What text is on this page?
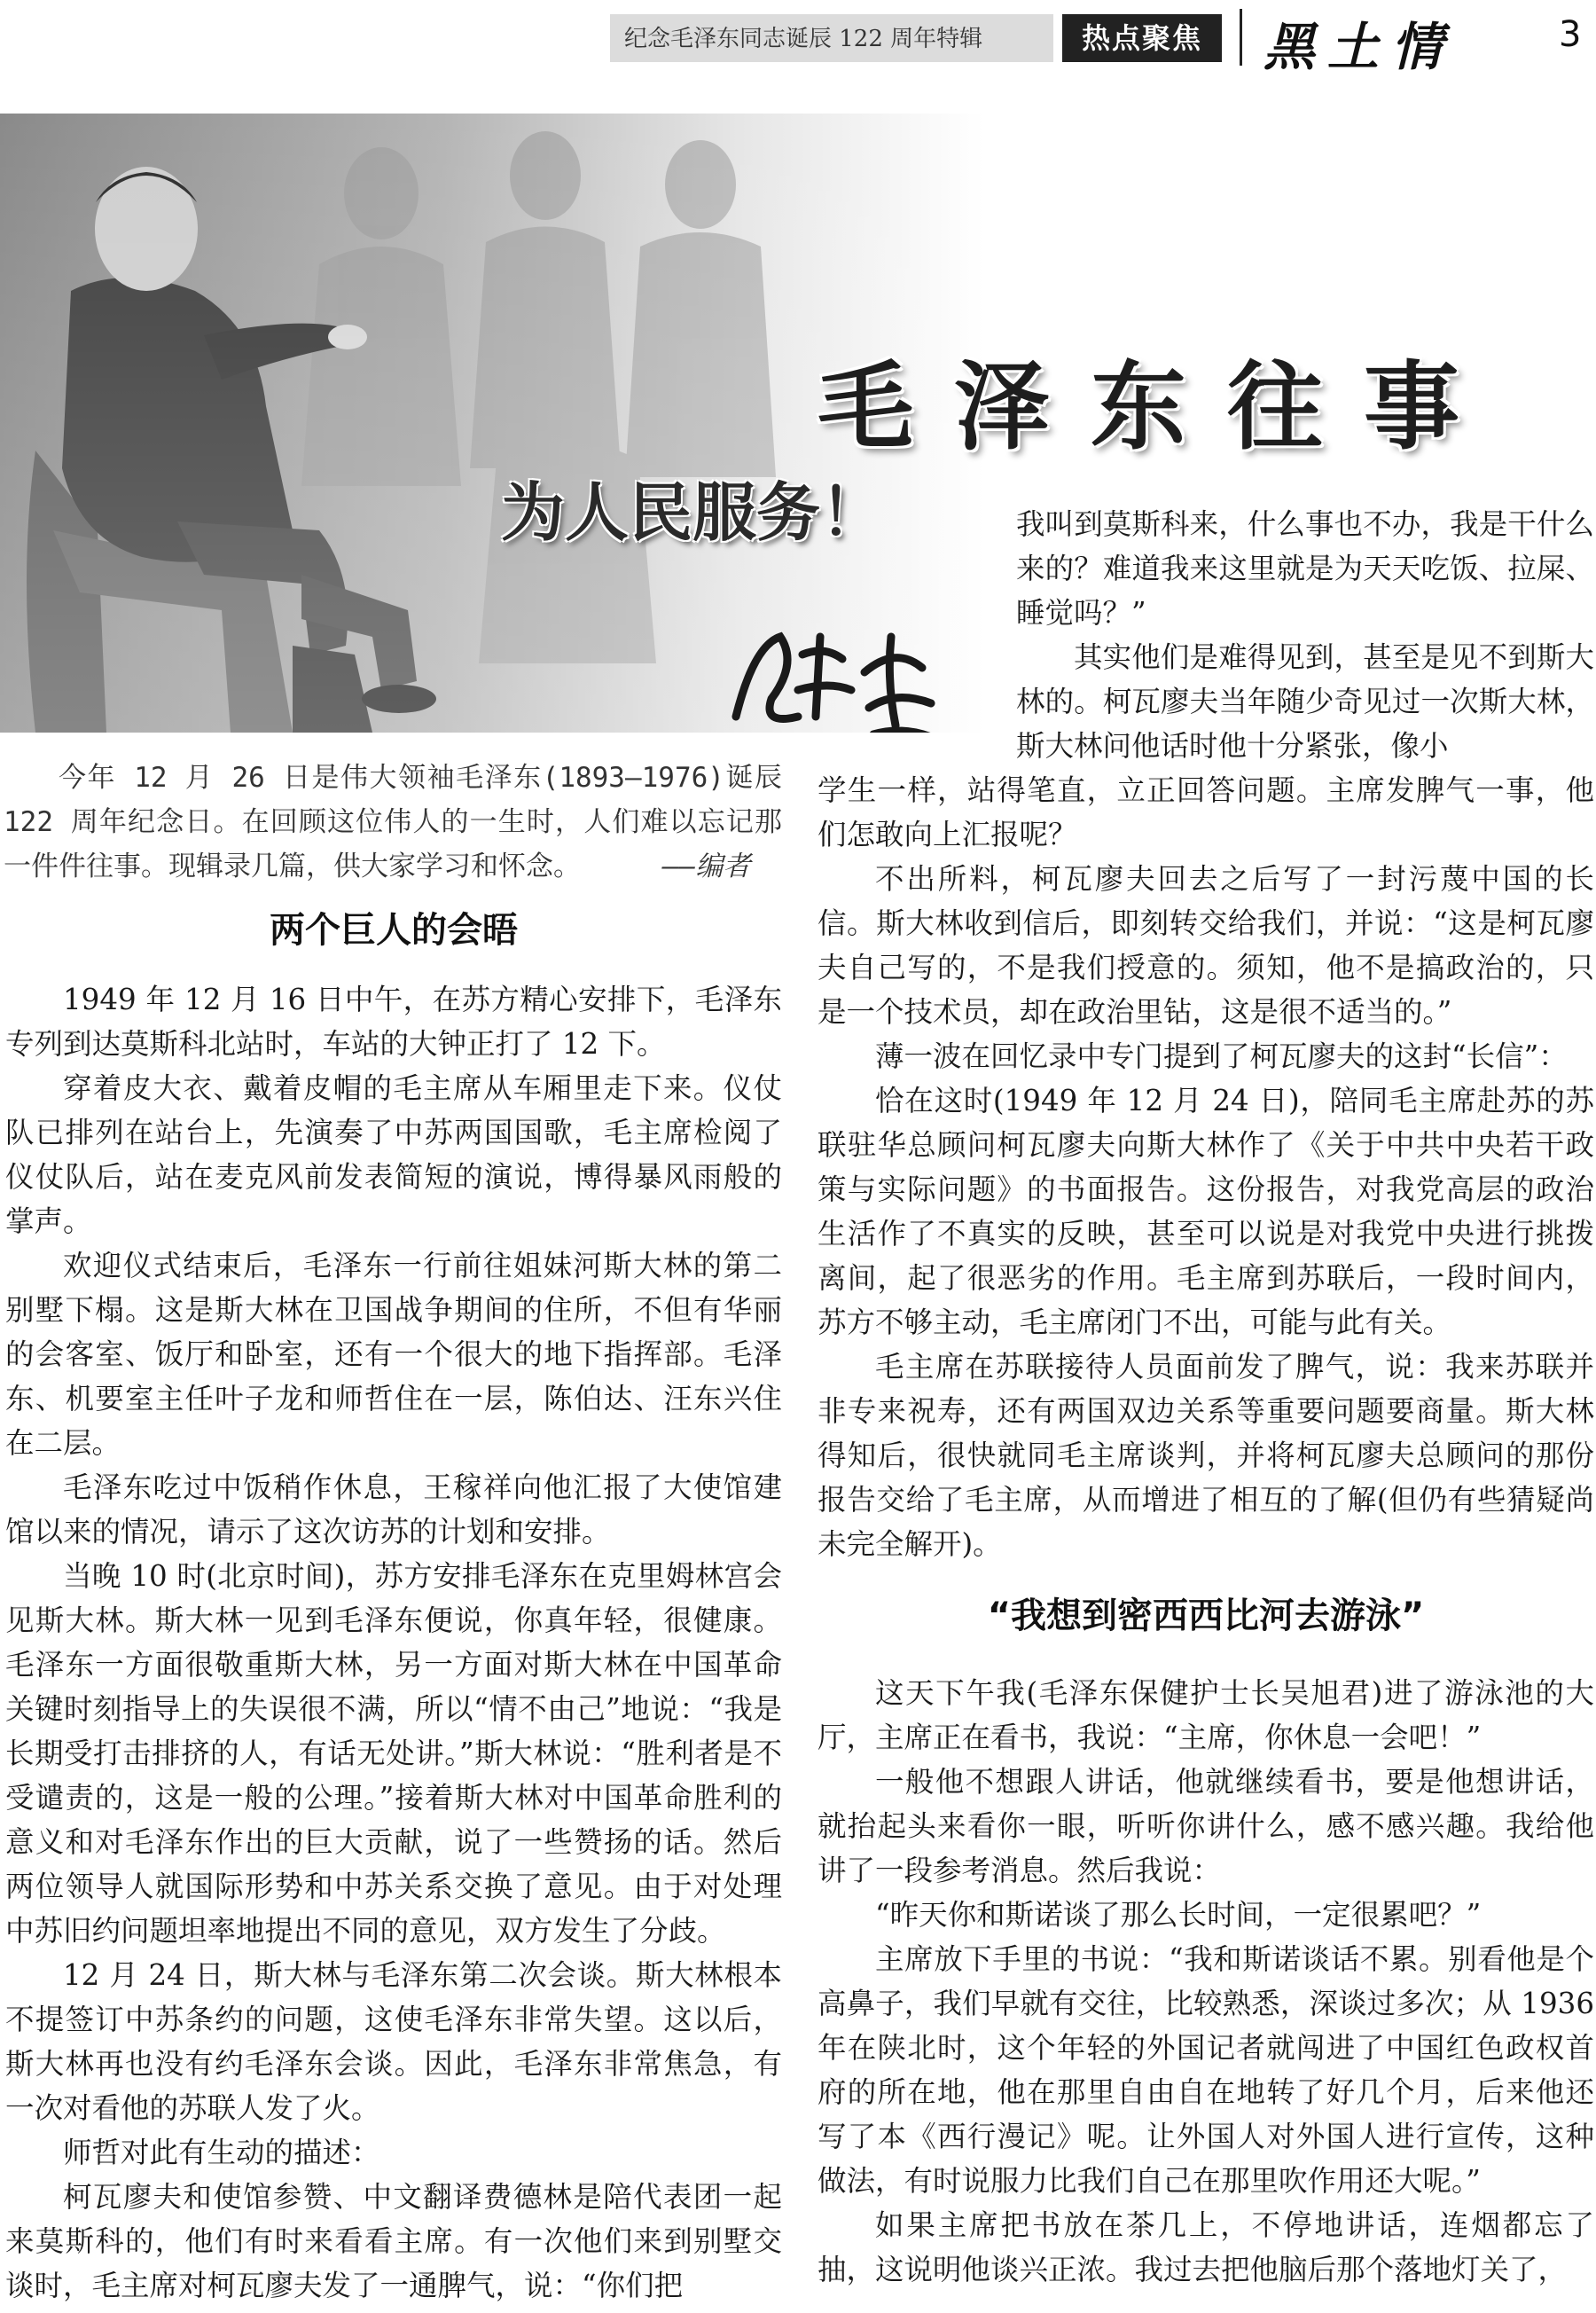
纪念毛泽东同志诞辰 122 周年特辑	热点聚焦	黑土情	3
为人民服务！
毛泽东往事
今年 12 月 26 日是伟大领袖毛泽东(1893—1976)诞辰 122 周年纪念日。在回顾这位伟人的一生时，人们难以忘记那一件件往事。现辑录几篇，供大家学习和怀念。	——编者
两个巨人的会晤

1949 年 12 月 16 日中午，在苏方精心安排下，毛泽东专列到达莫斯科北站时，车站的大钟正打了 12 下。

穿着皮大衣、戴着皮帽的毛主席从车厢里走下来。仪仗队已排列在站台上，先演奏了中苏两国国歌，毛主席检阅了仪仗队后，站在麦克风前发表简短的演说，博得暴风雨般的掌声。

欢迎仪式结束后，毛泽东一行前往姐妹河斯大林的第二别墅下榻。这是斯大林在卫国战争期间的住所，不但有华丽的会客室、饭厅和卧室，还有一个很大的地下指挥部。毛泽东、机要室主任叶子龙和师哲住在一层，陈伯达、汪东兴住在二层。

毛泽东吃过中饭稍作休息，王稼祥向他汇报了大使馆建馆以来的情况，请示了这次访苏的计划和安排。

当晚 10 时(北京时间)，苏方安排毛泽东在克里姆林宫会见斯大林。斯大林一见到毛泽东便说，你真年轻，很健康。毛泽东一方面很敬重斯大林，另一方面对斯大林在中国革命关键时刻指导上的失误很不满，所以“情不由己”地说：“我是长期受打击排挤的人，有话无处讲。”斯大林说：“胜利者是不受谴责的，这是一般的公理。”接着斯大林对中国革命胜利的意义和对毛泽东作出的巨大贡献，说了一些赞扬的话。然后两位领导人就国际形势和中苏关系交换了意见。由于对处理中苏旧约问题坦率地提出不同的意见，双方发生了分歧。

12 月 24 日，斯大林与毛泽东第二次会谈。斯大林根本不提签订中苏条约的问题，这使毛泽东非常失望。这以后，斯大林再也没有约毛泽东会谈。因此，毛泽东非常焦急，有一次对看他的苏联人发了火。

师哲对此有生动的描述：

柯瓦廖夫和使馆参赞、中文翻译费德林是陪代表团一起来莫斯科的，他们有时来看看主席。有一次他们来到别墅交谈时，毛主席对柯瓦廖夫发了一通脾气，说：“你们把

我叫到莫斯科来，什么事也不办，我是干什么来的？难道我来这里就是为天天吃饭、拉屎、睡觉吗？”

其实他们是难得见到，甚至是见不到斯大林的。柯瓦廖夫当年随少奇见过一次斯大林，斯大林问他话时他十分紧张，像小

学生一样，站得笔直，立正回答问题。主席发脾气一事，他们怎敢向上汇报呢？

不出所料，柯瓦廖夫回去之后写了一封污蔑中国的长信。斯大林收到信后，即刻转交给我们，并说：“这是柯瓦廖夫自己写的，不是我们授意的。须知，他不是搞政治的，只是一个技术员，却在政治里钻，这是很不适当的。”

薄一波在回忆录中专门提到了柯瓦廖夫的这封“长信”：

恰在这时(1949 年 12 月 24 日)，陪同毛主席赴苏的苏联驻华总顾问柯瓦廖夫向斯大林作了《关于中共中央若干政策与实际问题》的书面报告。这份报告，对我党高层的政治生活作了不真实的反映，甚至可以说是对我党中央进行挑拨离间，起了很恶劣的作用。毛主席到苏联后，一段时间内，苏方不够主动，毛主席闭门不出，可能与此有关。

毛主席在苏联接待人员面前发了脾气，说：我来苏联并非专来祝寿，还有两国双边关系等重要问题要商量。斯大林得知后，很快就同毛主席谈判，并将柯瓦廖夫总顾问的那份报告交给了毛主席，从而增进了相互的了解(但仍有些猜疑尚未完全解开)。

“我想到密西西比河去游泳”

这天下午我(毛泽东保健护士长吴旭君)进了游泳池的大厅，主席正在看书，我说：“主席，你休息一会吧！”

一般他不想跟人讲话，他就继续看书，要是他想讲话，就抬起头来看你一眼，听听你讲什么，感不感兴趣。我给他讲了一段参考消息。然后我说：

“昨天你和斯诺谈了那么长时间，一定很累吧？”

主席放下手里的书说：“我和斯诺谈话不累。别看他是个高鼻子，我们早就有交往，比较熟悉，深谈过多次；从 1936 年在陕北时，这个年轻的外国记者就闯进了中国红色政权首府的所在地，他在那里自由自在地转了好几个月，后来他还写了本《西行漫记》呢。让外国人对外国人进行宣传，这种做法，有时说服力比我们自己在那里吹作用还大呢。”

如果主席把书放在茶几上，不停地讲话，连烟都忘了抽，这说明他谈兴正浓。我过去把他脑后那个落地灯关了，
